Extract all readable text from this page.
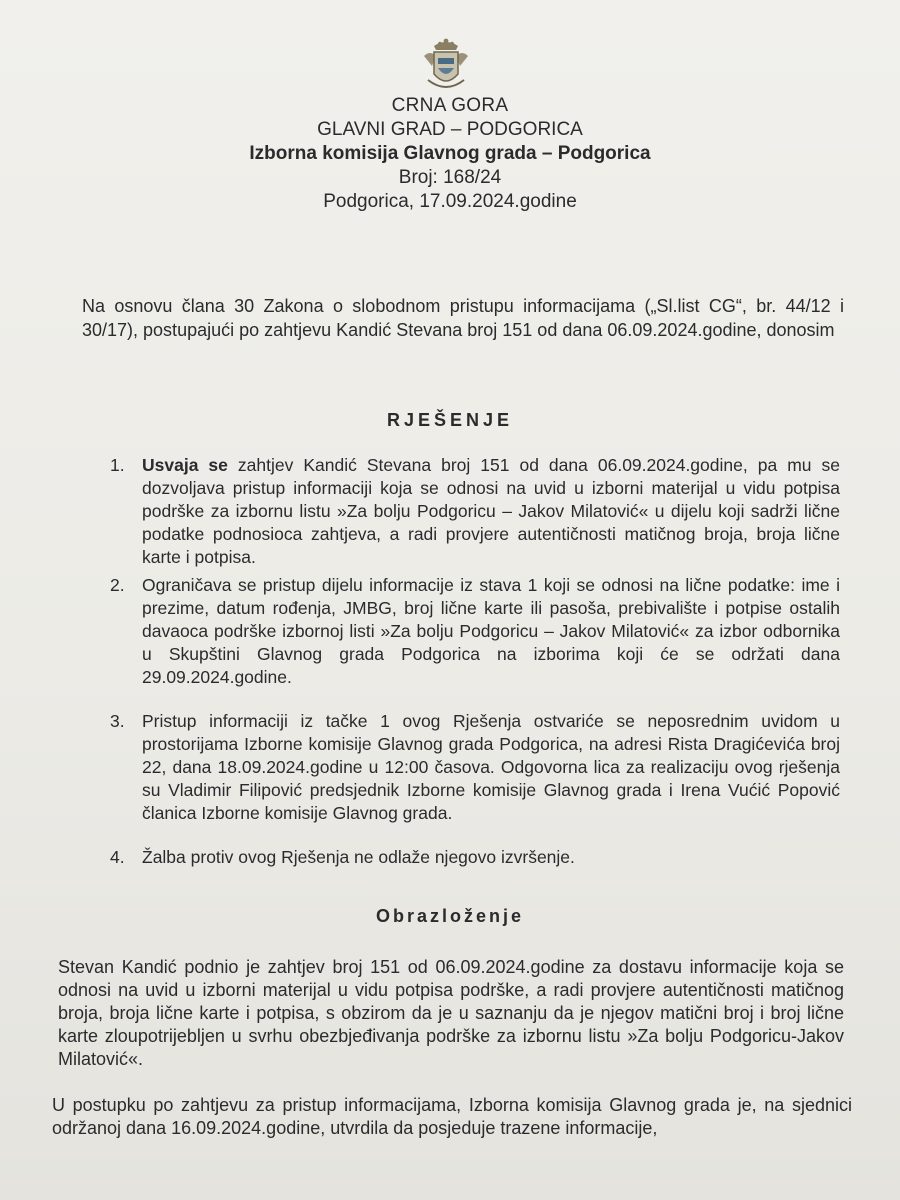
CRNA GORA
GLAVNI GRAD – PODGORICA
Izborna komisija Glavnog grada – Podgorica
Broj: 168/24
Podgorica, 17.09.2024.godine
Na osnovu člana 30 Zakona o slobodnom pristupu informacijama („Sl.list CG“, br. 44/12 i 30/17), postupajući po zahtjevu Kandić Stevana broj 151 od dana 06.09.2024.godine, donosim
RJEŠENJE
1. Usvaja se zahtjev Kandić Stevana broj 151 od dana 06.09.2024.godine, pa mu se dozvoljava pristup informaciji koja se odnosi na uvid u izborni materijal u vidu potpisa podrške za izbornu listu »Za bolju Podgoricu – Jakov Milatović« u dijelu koji sadrži lične podatke podnosioca zahtjeva, a radi provjere autentičnosti matičnog broja, broja lične karte i potpisa.
2. Ograničava se pristup dijelu informacije iz stava 1 koji se odnosi na lične podatke: ime i prezime, datum rođenja, JMBG, broj lične karte ili pasoša, prebivalište i potpise ostalih davaoca podrške izbornoj listi »Za bolju Podgoricu – Jakov Milatović« za izbor odbornika u Skupštini Glavnog grada Podgorica na izborima koji će se održati dana 29.09.2024.godine.
3. Pristup informaciji iz tačke 1 ovog Rješenja ostvariće se neposrednim uvidom u prostorijama Izborne komisije Glavnog grada Podgorica, na adresi Rista Dragićevića broj 22, dana 18.09.2024.godine u 12:00 časova. Odgovorna lica za realizaciju ovog rješenja su Vladimir Filipović predsjednik Izborne komisije Glavnog grada i Irena Vućić Popović članica Izborne komisije Glavnog grada.
4. Žalba protiv ovog Rješenja ne odlaže njegovo izvršenje.
Obrazloženje
Stevan Kandić podnio je zahtjev broj 151 od 06.09.2024.godine za dostavu informacije koja se odnosi na uvid u izborni materijal u vidu potpisa podrške, a radi provjere autentičnosti matičnog broja, broja lične karte i potpisa, s obzirom da je u saznanju da je njegov matični broj i broj lične karte zloupotrijebljen u svrhu obezbjeđivanja podrške za izbornu listu »Za bolju Podgoricu-Jakov Milatović«.
U postupku po zahtjevu za pristup informacijama, Izborna komisija Glavnog grada je, na sjednici održanoj dana 16.09.2024.godine, utvrdila da posjeduje trazene informacije,
